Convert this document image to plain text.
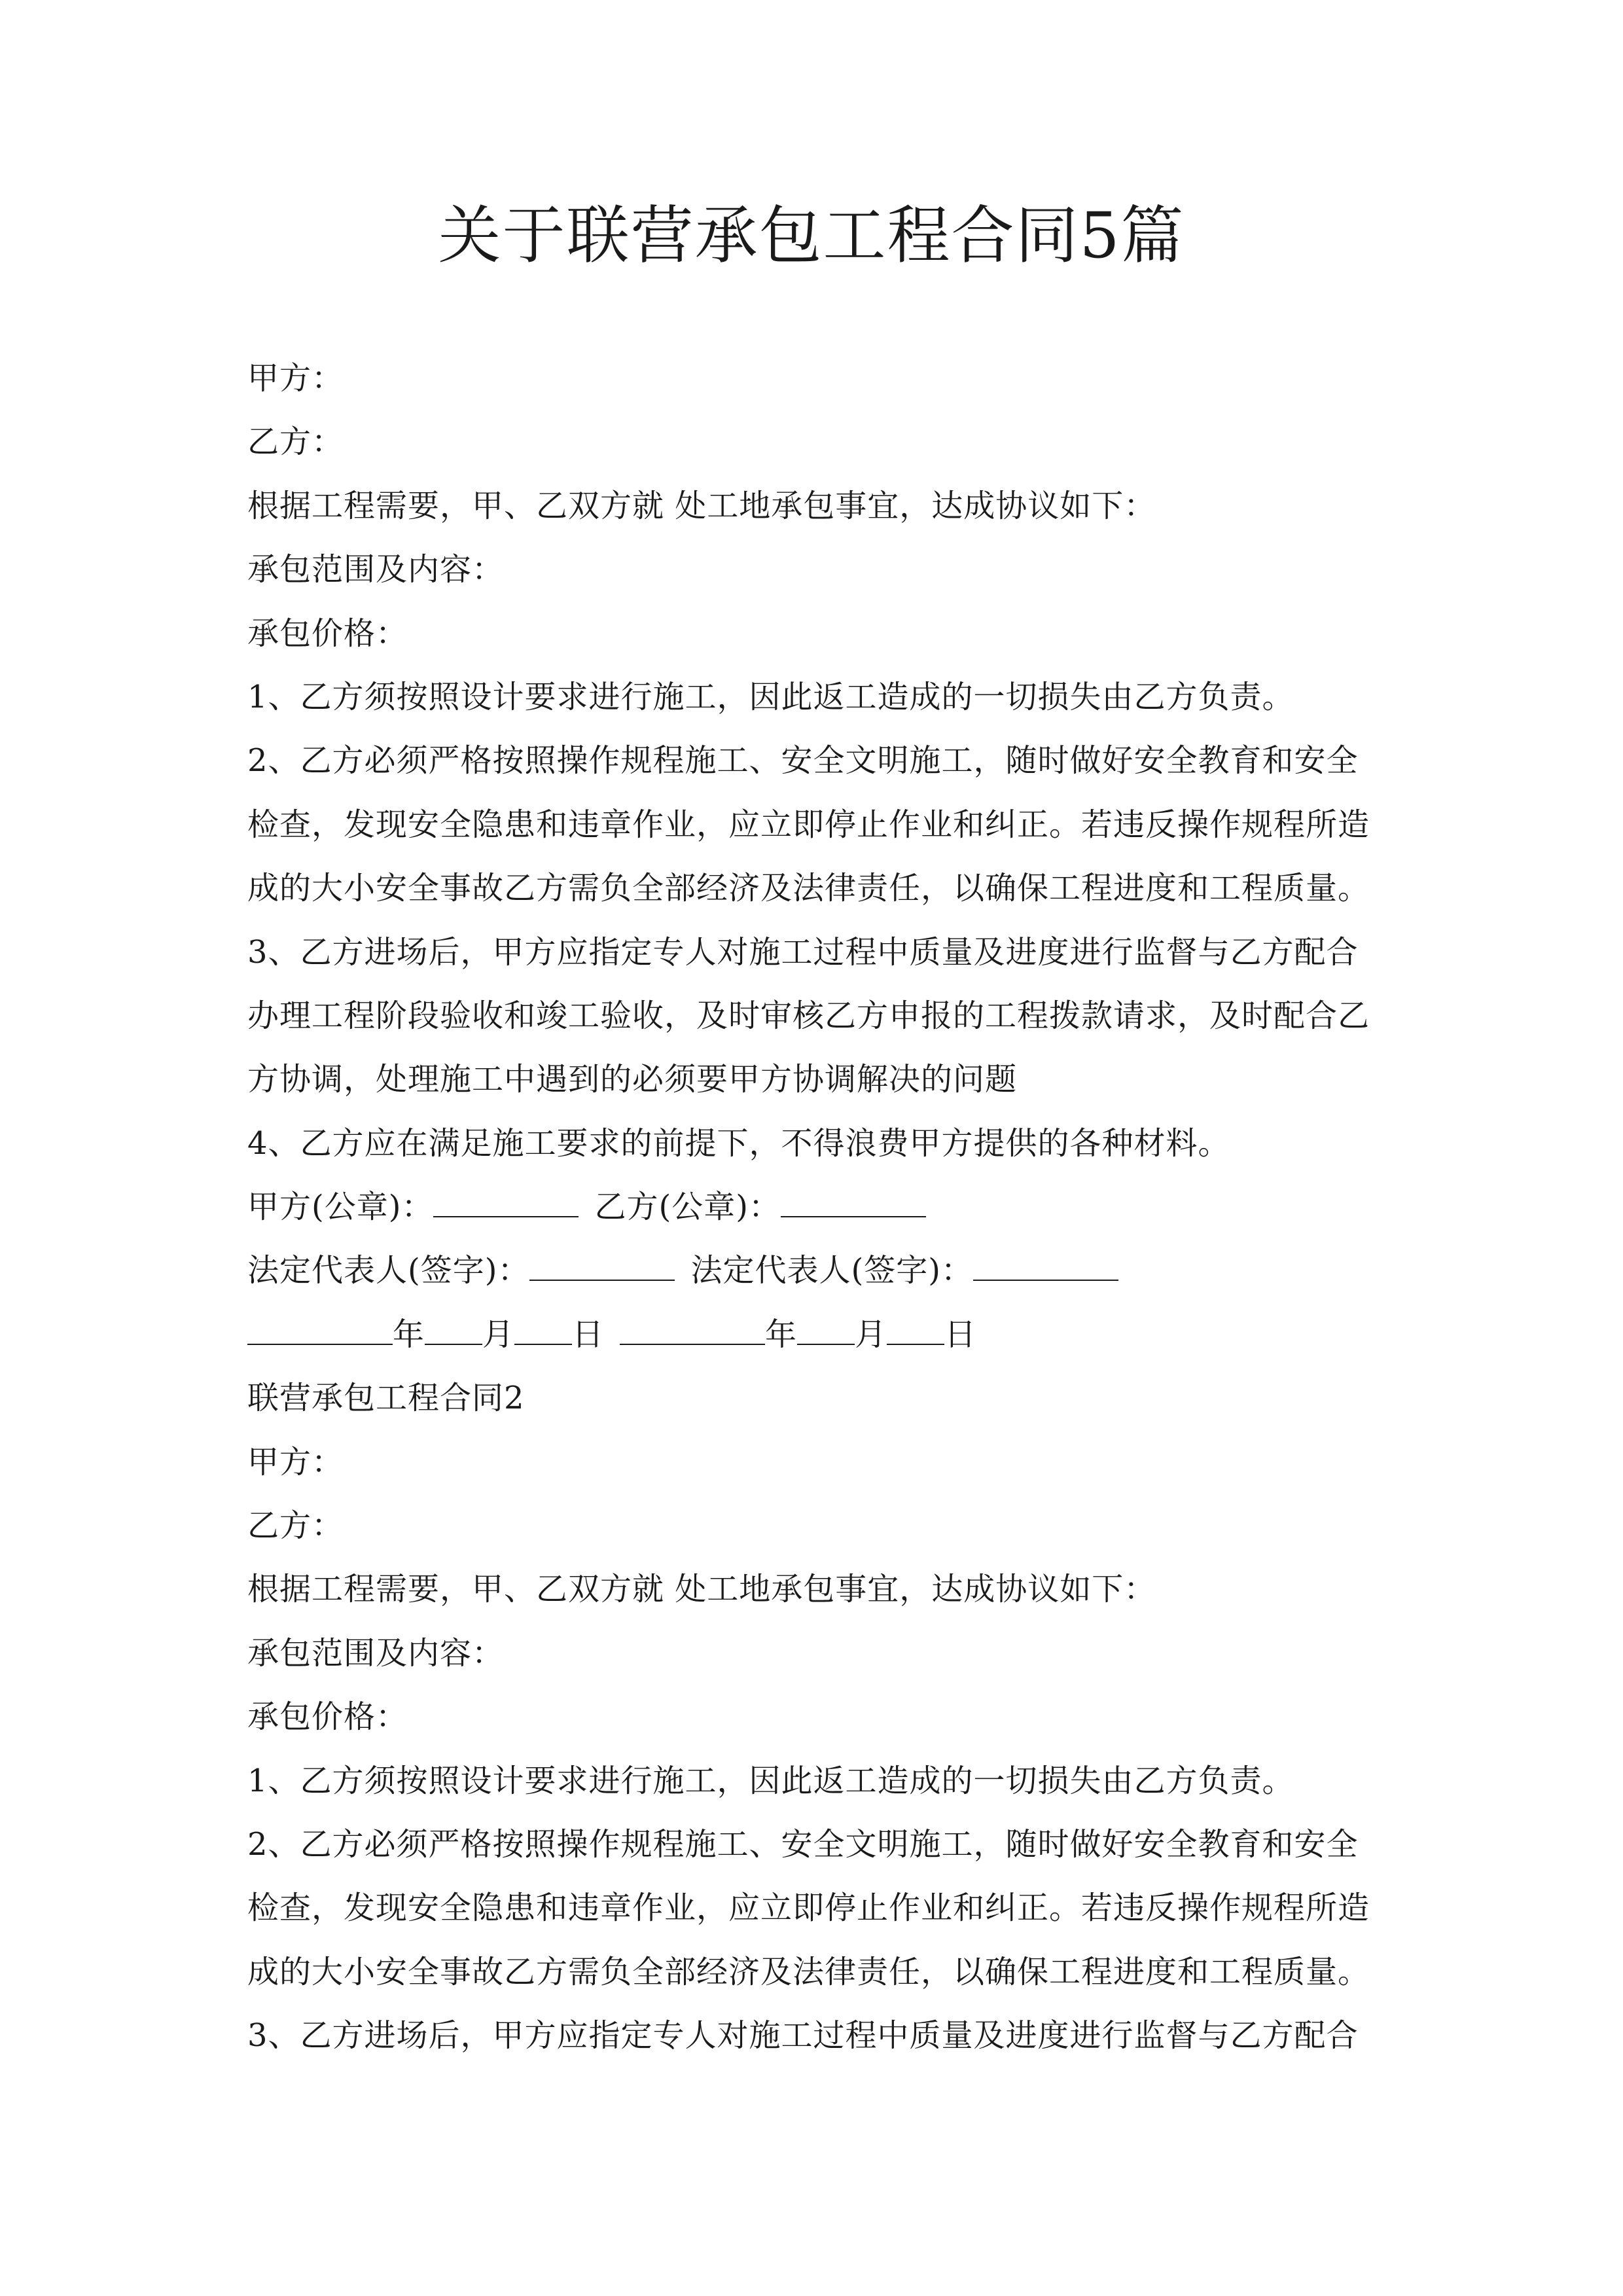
关于联营承包工程合同5篇
甲方：
乙方：
根据工程需要，甲、乙双方就 处工地承包事宜，达成协议如下：
承包范围及内容：
承包价格：
1、乙方须按照设计要求进行施工，因此返工造成的一切损失由乙方负责。
2、乙方必须严格按照操作规程施工、安全文明施工，随时做好安全教育和安全
检查，发现安全隐患和违章作业，应立即停止作业和纠正。若违反操作规程所造
成的大小安全事故乙方需负全部经济及法律责任，以确保工程进度和工程质量。
3、乙方进场后，甲方应指定专人对施工过程中质量及进度进行监督与乙方配合
办理工程阶段验收和竣工验收，及时审核乙方申报的工程拨款请求，及时配合乙
方协调，处理施工中遇到的必须要甲方协调解决的问题
4、乙方应在满足施工要求的前提下，不得浪费甲方提供的各种材料。
甲方(公章)：	乙方(公章)：
法定代表人(签字)：	法定代表人(签字)：
年 月 日	年 月 日
联营承包工程合同2
甲方：
乙方：
根据工程需要，甲、乙双方就 处工地承包事宜，达成协议如下：
承包范围及内容：
承包价格：
1、乙方须按照设计要求进行施工，因此返工造成的一切损失由乙方负责。
2、乙方必须严格按照操作规程施工、安全文明施工，随时做好安全教育和安全
检查，发现安全隐患和违章作业，应立即停止作业和纠正。若违反操作规程所造
成的大小安全事故乙方需负全部经济及法律责任，以确保工程进度和工程质量。
3、乙方进场后，甲方应指定专人对施工过程中质量及进度进行监督与乙方配合
